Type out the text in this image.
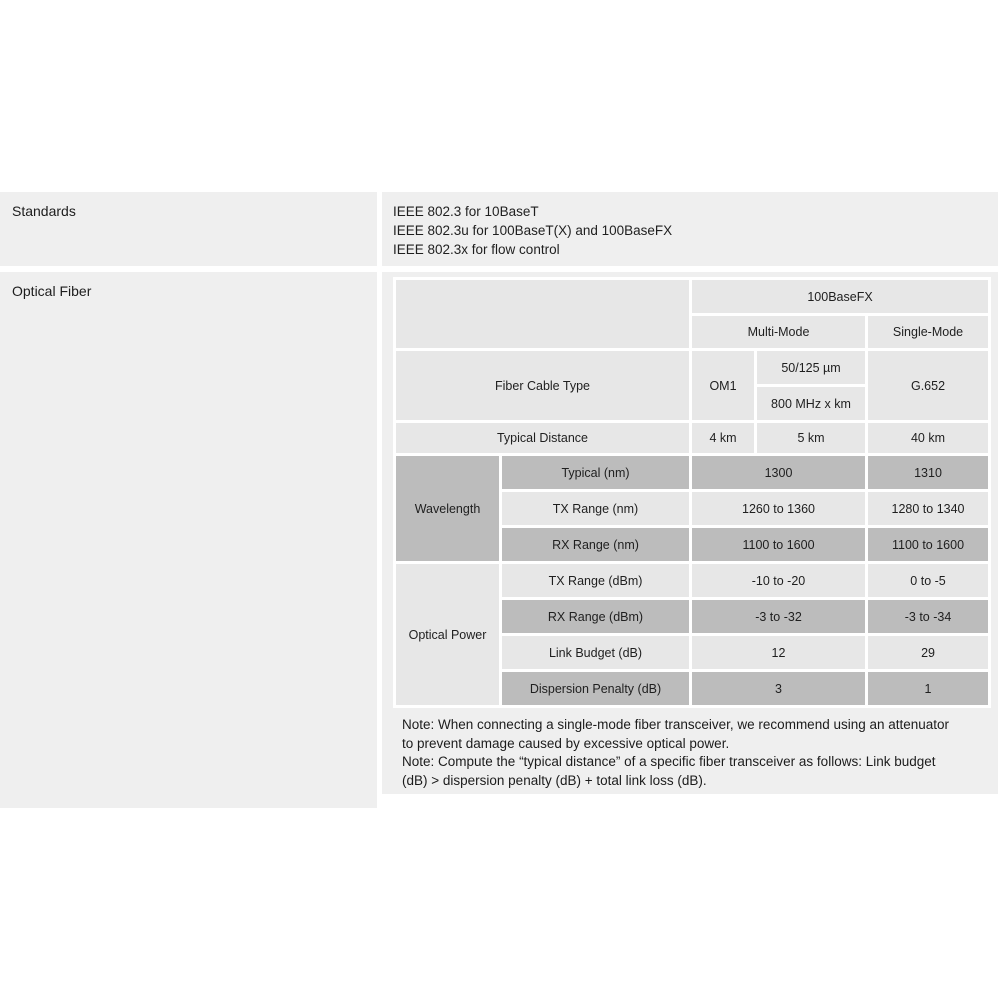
Standards	IEEE 802.3 for 10BaseT
IEEE 802.3u for 100BaseT(X) and 100BaseFX
IEEE 802.3x for flow control
Optical Fiber

Note: When connecting a single-mode fiber transceiver, we recommend using an attenuator to prevent damage caused by excessive optical power.

Note: Compute the “typical distance” of a specific fiber transceiver as follows: Link budget (dB) > dispersion penalty (dB) + total link loss (dB).

		100BaseFX		
		Multi-Mode		Single-Mode
Fiber Cable Type		OM1	50/125 µm	G.652
			800 MHz x km	
Typical Distance		4 km	5 km	40 km
Wavelength	Typical (nm)	1300		1310
	TX Range (nm)	1260 to 1360		1280 to 1340
	RX Range (nm)	1100 to 1600		1100 to 1600
Optical Power	TX Range (dBm)	-10 to -20		0 to -5
	RX Range (dBm)	-3 to -32		-3 to -34
	Link Budget (dB)	12		29
	Dispersion Penalty (dB)	3		1
